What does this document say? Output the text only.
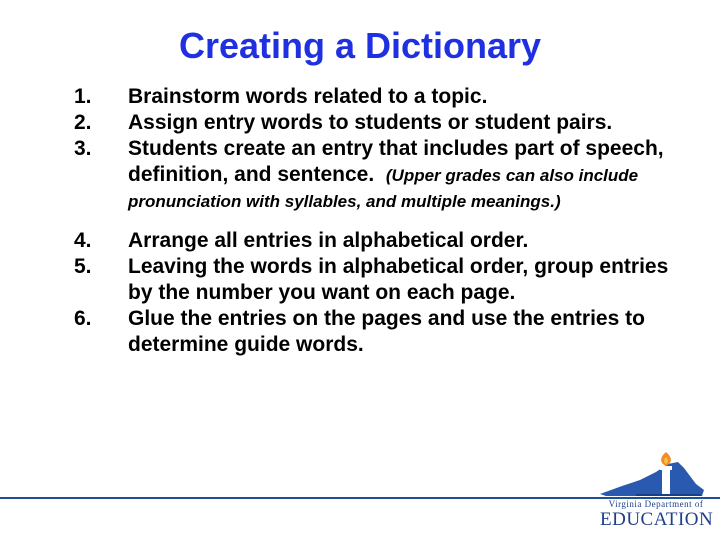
Creating a Dictionary
1. Brainstorm words related to a topic.
2. Assign entry words to students or student pairs.
3. Students create an entry that includes part of speech, definition, and sentence. (Upper grades can also include pronunciation with syllables, and multiple meanings.)
4. Arrange all entries in alphabetical order.
5. Leaving the words in alphabetical order, group entries by the number you want on each page.
6. Glue the entries on the pages and use the entries to determine guide words.
Virginia Department of
EDUCATION
